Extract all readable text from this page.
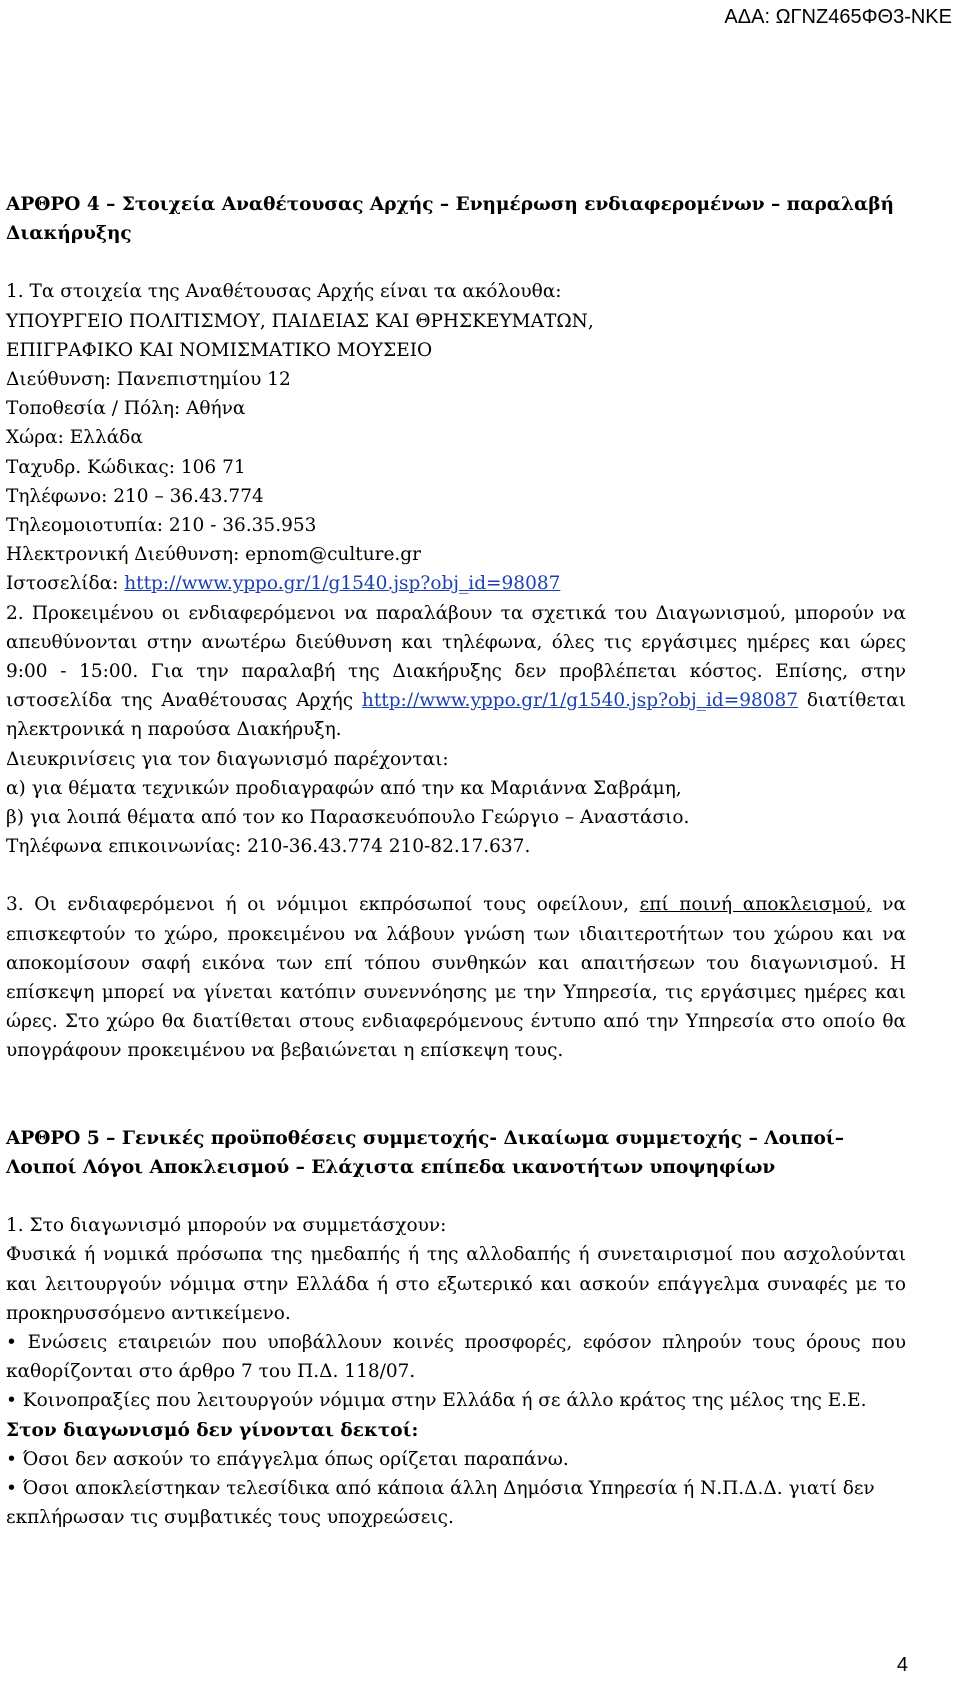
ΑΔΑ: ΩΓΝΖ465ΦΘ3-ΝΚΕ

ΑΡΘΡΟ 4 – Στοιχεία Αναθέτουσας Αρχής – Ενημέρωση ενδιαφερομένων – παραλαβή Διακήρυξης

1. Τα στοιχεία της Αναθέτουσας Αρχής είναι τα ακόλουθα:

ΥΠΟΥΡΓΕΙΟ ΠΟΛΙΤΙΣΜΟΥ, ΠΑΙΔΕΙΑΣ ΚΑΙ ΘΡΗΣΚΕΥΜΑΤΩΝ,

ΕΠΙΓΡΑΦΙΚΟ ΚΑΙ ΝΟΜΙΣΜΑΤΙΚΟ ΜΟΥΣΕΙΟ

Διεύθυνση: Πανεπιστημίου 12

Τοποθεσία / Πόλη: Αθήνα

Χώρα: Ελλάδα

Ταχυδρ. Κώδικας: 106 71

Τηλέφωνο: 210 – 36.43.774

Τηλεομοιοτυπία: 210 - 36.35.953

Ηλεκτρονική Διεύθυνση: epnom@culture.gr

Ιστοσελίδα: http://www.yppo.gr/1/g1540.jsp?obj_id=98087

2. Προκειμένου οι ενδιαφερόμενοι να παραλάβουν τα σχετικά του Διαγωνισμού, μπορούν να απευθύνονται στην ανωτέρω διεύθυνση και τηλέφωνα, όλες τις εργάσιμες ημέρες και ώρες 9:00 - 15:00. Για την παραλαβή της Διακήρυξης δεν προβλέπεται κόστος. Επίσης, στην ιστοσελίδα της Αναθέτουσας Αρχής http://www.yppo.gr/1/g1540.jsp?obj_id=98087 διατίθεται ηλεκτρονικά η παρούσα Διακήρυξη.

Διευκρινίσεις για τον διαγωνισμό παρέχονται:

α) για θέματα τεχνικών προδιαγραφών από την κα Μαριάννα Σαβράμη,

β) για λοιπά θέματα από τον κο Παρασκευόπουλο Γεώργιο – Αναστάσιο.

Τηλέφωνα επικοινωνίας: 210-36.43.774 210-82.17.637.

3. Οι ενδιαφερόμενοι ή οι νόμιμοι εκπρόσωποί τους οφείλουν, επί ποινή αποκλεισμού, να επισκεφτούν το χώρο, προκειμένου να λάβουν γνώση των ιδιαιτεροτήτων του χώρου και να αποκομίσουν σαφή εικόνα των επί τόπου συνθηκών και απαιτήσεων του διαγωνισμού. Η επίσκεψη μπορεί να γίνεται κατόπιν συνεννόησης με την Υπηρεσία, τις εργάσιμες ημέρες και ώρες. Στο χώρο θα διατίθεται στους ενδιαφερόμενους έντυπο από την Υπηρεσία στο οποίο θα υπογράφουν προκειμένου να βεβαιώνεται η επίσκεψη τους.

ΑΡΘΡΟ 5 – Γενικές προϋποθέσεις συμμετοχής- Δικαίωμα συμμετοχής – Λοιποί– Λοιποί Λόγοι Αποκλεισμού – Ελάχιστα επίπεδα ικανοτήτων υποψηφίων

1. Στο διαγωνισμό μπορούν να συμμετάσχουν:

Φυσικά ή νομικά πρόσωπα της ημεδαπής ή της αλλοδαπής ή συνεταιρισμοί που ασχολούνται και λειτουργούν νόμιμα στην Ελλάδα ή στο εξωτερικό και ασκούν επάγγελμα συναφές με το προκηρυσσόμενο αντικείμενο.

• Ενώσεις εταιρειών που υποβάλλουν κοινές προσφορές, εφόσον πληρούν τους όρους που καθορίζονται στο άρθρο 7 του Π.Δ. 118/07.

• Κοινοπραξίες που λειτουργούν νόμιμα στην Ελλάδα ή σε άλλο κράτος της μέλος της Ε.Ε.

Στον διαγωνισμό δεν γίνονται δεκτοί:

• Όσοι δεν ασκούν το επάγγελμα όπως ορίζεται παραπάνω.

• Όσοι αποκλείστηκαν τελεσίδικα από κάποια άλλη Δημόσια Υπηρεσία ή Ν.Π.Δ.Δ. γιατί δεν εκπλήρωσαν τις συμβατικές τους υποχρεώσεις.

4
